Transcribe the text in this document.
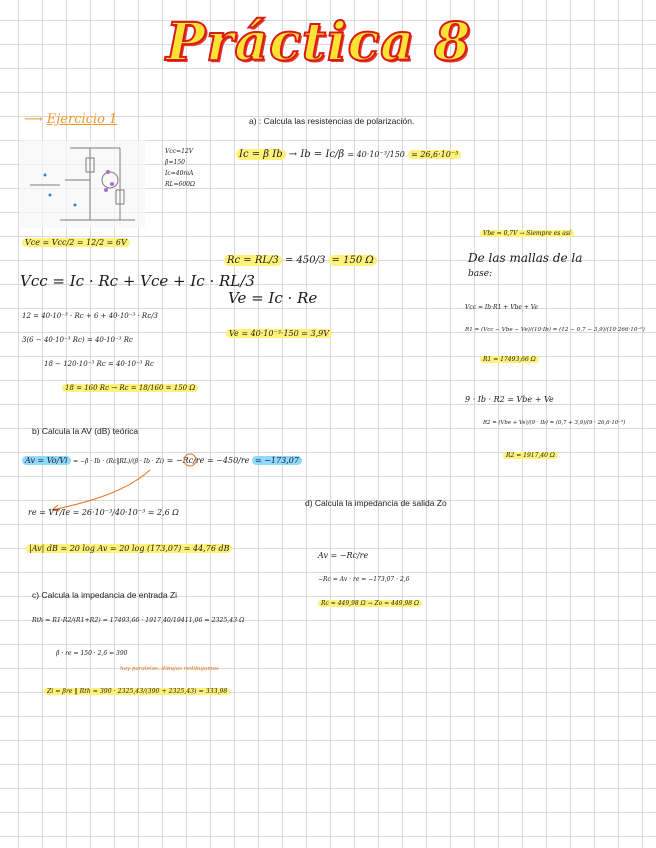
Práctica 8
⟶ Ejercicio 1
Vcc=12V
β=150
Ic=40mA
RL=600Ω
a) : Calcula las resistencias de polarización.
Ic = β Ib → Ib = Ic/β = 40·10⁻³/150 = 26,6·10⁻⁵
Vce = Vcc/2 = 12/2 = 6V
Vcc = Ic · Rc + Vce + Ic · RL/3
12 = 40·10⁻³ · Rc + 6 + 40·10⁻³ · Rc/3
3(6 − 40·10⁻³ Rc) = 40·10⁻³ Rc
18 − 120·10⁻³ Rc = 40·10⁻³ Rc
18 = 160 Rc → Rc = 18/160 = 150 Ω
Rc = RL/3 = 450/3 = 150 Ω
Ve = Ic · Re
Ve = 40·10⁻³·150 = 3,9V
Vbe = 0,7V → Siempre es así
De las mallas de la
base:
Vcc = Ib·R1 + Vbe + Ve
R1 = (Vcc − Vbe − Ve)/(10·Ib) = (12 − 0,7 − 3,9)/(10·266·10⁻⁶)
R1 = 17493,66 Ω
9 · Ib · R2 = Vbe + Ve
R2 = (Vbe + Ve)/(9 · Ib) = (0,7 + 3,9)/(9 · 26,6·10⁻⁵)
R2 = 1917,40 Ω
b) Calcula la AV (dB) teórica
Av = Vo/Vi = −β · Ib · (Rc‖RL)/(β · Ib · Zi) = −Rc/re = −450/re = −173,07
re = VT/Ie = 26·10⁻³/40·10⁻³ = 2,6 Ω
|Av| dB = 20 log Av = 20 log (173,07) = 44,76 dB
c) Calcula la impedancia de entrada Zi
Rth = R1·R2/(R1+R2) = 17493,66 · 1917,40/19411,06 = 2325,43 Ω
β · re = 150 · 2,6 = 390
hay paralelos, dibujas redibujamos
Zi = βre ‖ Rth = 390 · 2325,43/(390 + 2325,43) = 333,98
d) Calcula la impedancia de salida Zo
Av = −Rc/re
−Rc = Av · re = −173,07 · 2,6
Rc = 449,98 Ω → Zo = 449,98 Ω
